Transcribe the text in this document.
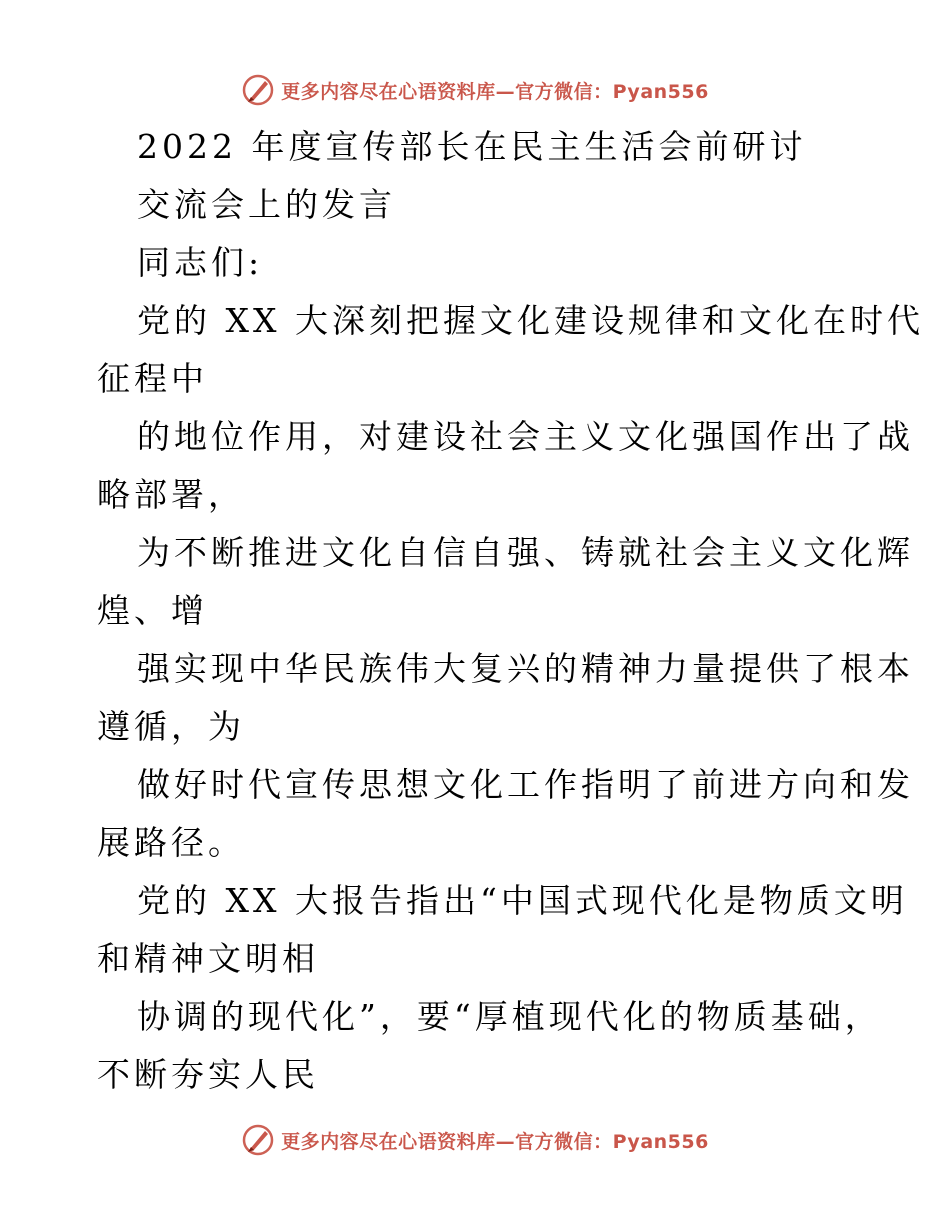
更多内容尽在心语资料库—官方微信：Pyan556
2022 年度宣传部长在民主生活会前研讨
交流会上的发言
同志们:
党的 XX 大深刻把握文化建设规律和文化在时代
征程中
的地位作用，对建设社会主义文化强国作出了战
略部署，
为不断推进文化自信自强、铸就社会主义文化辉
煌、增
强实现中华民族伟大复兴的精神力量提供了根本
遵循，为
做好时代宣传思想文化工作指明了前进方向和发
展路径。
党的 XX 大报告指出“中国式现代化是物质文明
和精神文明相
协调的现代化”，要“厚植现代化的物质基础，
不断夯实人民
更多内容尽在心语资料库—官方微信：Pyan556
